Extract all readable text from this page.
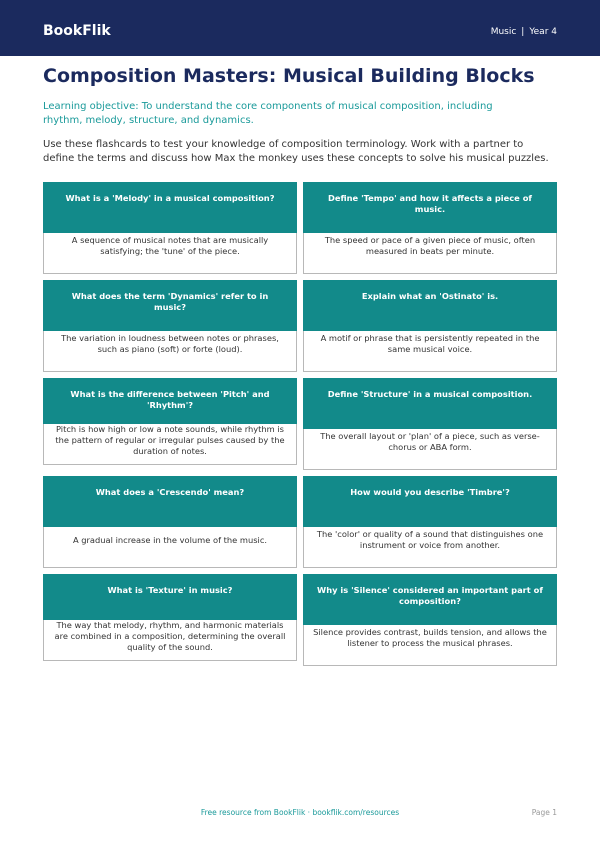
BookFlik	Music | Year 4
Composition Masters: Musical Building Blocks
Learning objective: To understand the core components of musical composition, including rhythm, melody, structure, and dynamics.
Use these flashcards to test your knowledge of composition terminology. Work with a partner to define the terms and discuss how Max the monkey uses these concepts to solve his musical puzzles.
What is a 'Melody' in a musical composition?
A sequence of musical notes that are musically satisfying; the 'tune' of the piece.
Define 'Tempo' and how it affects a piece of music.
The speed or pace of a given piece of music, often measured in beats per minute.
What does the term 'Dynamics' refer to in music?
The variation in loudness between notes or phrases, such as piano (soft) or forte (loud).
Explain what an 'Ostinato' is.
A motif or phrase that is persistently repeated in the same musical voice.
What is the difference between 'Pitch' and 'Rhythm'?
Pitch is how high or low a note sounds, while rhythm is the pattern of regular or irregular pulses caused by the duration of notes.
Define 'Structure' in a musical composition.
The overall layout or 'plan' of a piece, such as verse-chorus or ABA form.
What does a 'Crescendo' mean?
A gradual increase in the volume of the music.
How would you describe 'Timbre'?
The 'color' or quality of a sound that distinguishes one instrument or voice from another.
What is 'Texture' in music?
The way that melody, rhythm, and harmonic materials are combined in a composition, determining the overall quality of the sound.
Why is 'Silence' considered an important part of composition?
Silence provides contrast, builds tension, and allows the listener to process the musical phrases.
Free resource from BookFlik · bookflik.com/resources	Page 1
